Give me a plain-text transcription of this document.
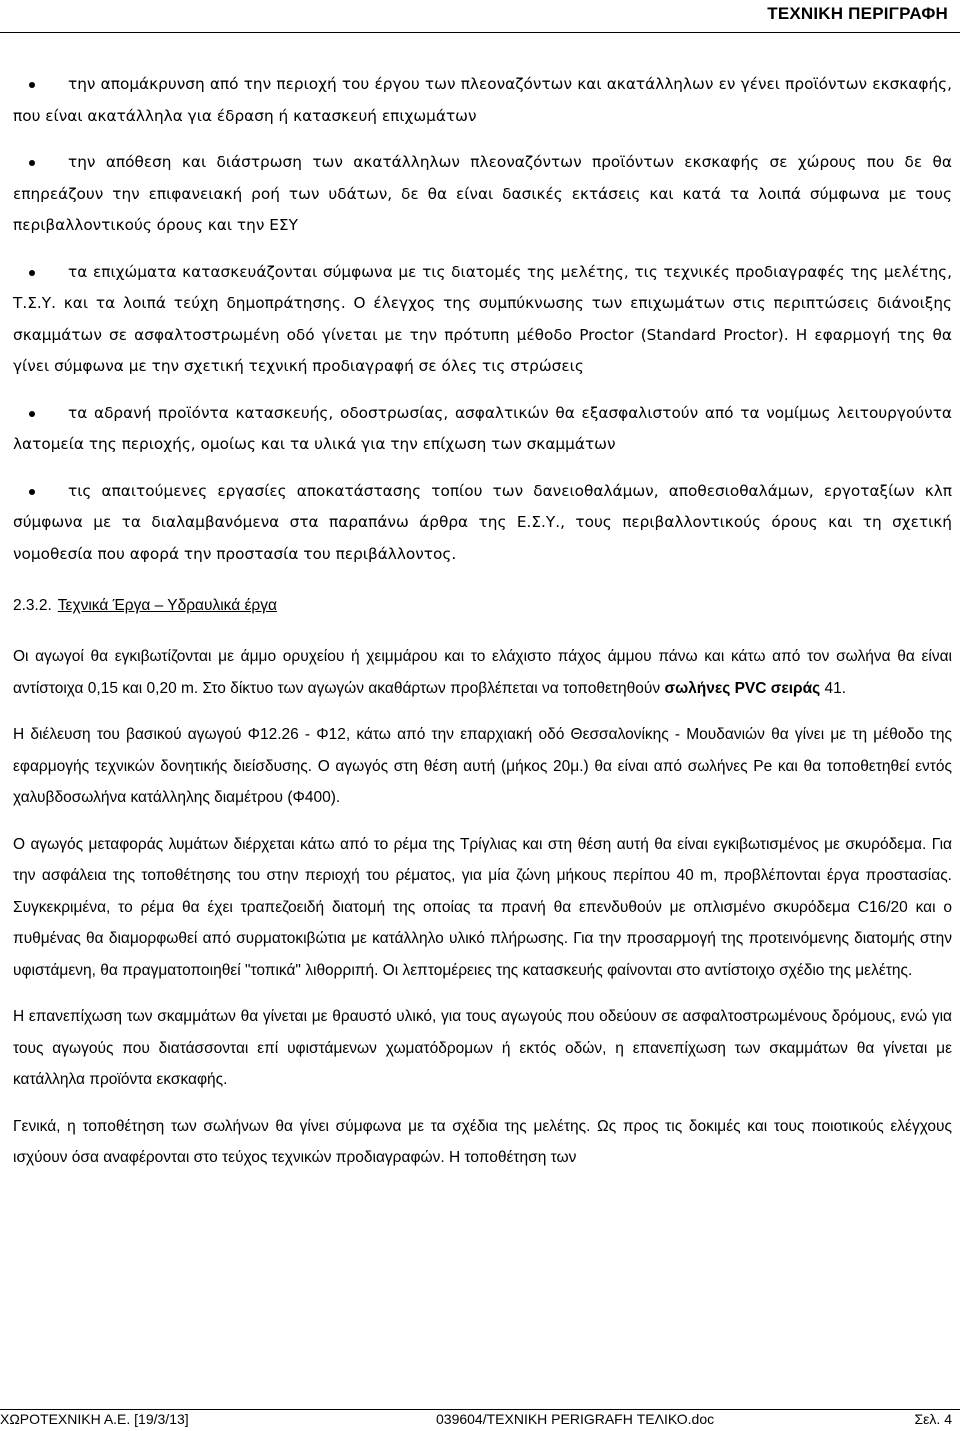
ΤΕΧΝΙΚΗ ΠΕΡΙΓΡΑΦΗ

την απομάκρυνση από την περιοχή του έργου των πλεοναζόντων και ακατάλληλων εν γένει προϊόντων εκσκαφής, που είναι ακατάλληλα για έδραση ή κατασκευή επιχωμάτων

την απόθεση και διάστρωση των ακατάλληλων πλεοναζόντων προϊόντων εκσκαφής σε χώρους που δε θα επηρεάζουν την επιφανειακή ροή των υδάτων, δε θα είναι δασικές εκτάσεις και κατά τα λοιπά σύμφωνα με τους περιβαλλοντικούς όρους και την ΕΣΥ

τα επιχώματα κατασκευάζονται σύμφωνα με τις διατομές της μελέτης, τις τεχνικές προδιαγραφές της μελέτης, Τ.Σ.Υ. και τα λοιπά τεύχη δημοπράτησης. Ο έλεγχος της συμπύκνωσης των επιχωμάτων στις περιπτώσεις διάνοιξης σκαμμάτων σε ασφαλτοστρωμένη οδό γίνεται με την πρότυπη μέθοδο Proctor (Standard Proctor). Η εφαρμογή της θα γίνει σύμφωνα με την σχετική τεχνική προδιαγραφή σε όλες τις στρώσεις

τα αδρανή προϊόντα κατασκευής, οδοστρωσίας, ασφαλτικών θα εξασφαλιστούν από τα νομίμως λειτουργούντα λατομεία της περιοχής, ομοίως και τα υλικά για την επίχωση των σκαμμάτων

τις απαιτούμενες εργασίες αποκατάστασης τοπίου των δανειοθαλάμων, αποθεσιοθαλάμων, εργοταξίων κλπ σύμφωνα με τα διαλαμβανόμενα στα παραπάνω άρθρα της Ε.Σ.Υ., τους περιβαλλοντικούς όρους και τη σχετική νομοθεσία που αφορά την προστασία του περιβάλλοντος.

2.3.2. Τεχνικά Έργα – Υδραυλικά έργα

Οι αγωγοί θα εγκιβωτίζονται με άμμο ορυχείου ή χειμμάρου και το ελάχιστο πάχος άμμου πάνω και κάτω από τον σωλήνα θα είναι αντίστοιχα 0,15 και 0,20 m. Στο δίκτυο των αγωγών ακαθάρτων προβλέπεται να τοποθετηθούν σωλήνες PVC σειράς 41.

Η διέλευση του βασικού αγωγού Φ12.26 - Φ12, κάτω από την επαρχιακή οδό Θεσσαλονίκης - Μουδανιών θα γίνει με τη μέθοδο της εφαρμογής τεχνικών δονητικής διείσδυσης. Ο αγωγός στη θέση αυτή (μήκος 20μ.) θα είναι από σωλήνες Pe και θα τοποθετηθεί εντός χαλυβδοσωλήνα κατάλληλης διαμέτρου (Φ400).

Ο αγωγός μεταφοράς λυμάτων διέρχεται κάτω από το ρέμα της Τρίγλιας και στη θέση αυτή θα είναι εγκιβωτισμένος με σκυρόδεμα. Για την ασφάλεια της τοποθέτησης του στην περιοχή του ρέματος, για μία ζώνη μήκους περίπου 40 m, προβλέπονται έργα προστασίας. Συγκεκριμένα, το ρέμα θα έχει τραπεζοειδή διατομή της οποίας τα πρανή θα επενδυθούν με οπλισμένο σκυρόδεμα C16/20 και ο πυθμένας θα διαμορφωθεί από συρματοκιβώτια με κατάλληλο υλικό πλήρωσης. Για την προσαρμογή της προτεινόμενης διατομής στην υφιστάμενη, θα πραγματοποιηθεί "τοπικά" λιθορριπή. Οι λεπτομέρειες της κατασκευής φαίνονται στο αντίστοιχο σχέδιο της μελέτης.

Η επανεπίχωση των σκαμμάτων θα γίνεται με θραυστό υλικό, για τους αγωγούς που οδεύουν σε ασφαλτοστρωμένους δρόμους, ενώ για τους αγωγούς που διατάσσονται επί υφιστάμενων χωματόδρομων ή εκτός οδών, η επανεπίχωση των σκαμμάτων θα γίνεται με κατάλληλα προϊόντα εκσκαφής.

Γενικά, η τοποθέτηση των σωλήνων θα γίνει σύμφωνα με τα σχέδια της μελέτης. Ως προς τις δοκιμές και τους ποιοτικούς ελέγχους ισχύουν όσα αναφέρονται στο τεύχος τεχνικών προδιαγραφών. Η τοποθέτηση των

ΧΩΡΟΤΕΧΝΙΚΗ Α.Ε. [19/3/13]	039604/ΤΕΧΝΙΚΗ PERIGRAFH ΤΕΛΙΚΟ.doc	Σελ. 4
